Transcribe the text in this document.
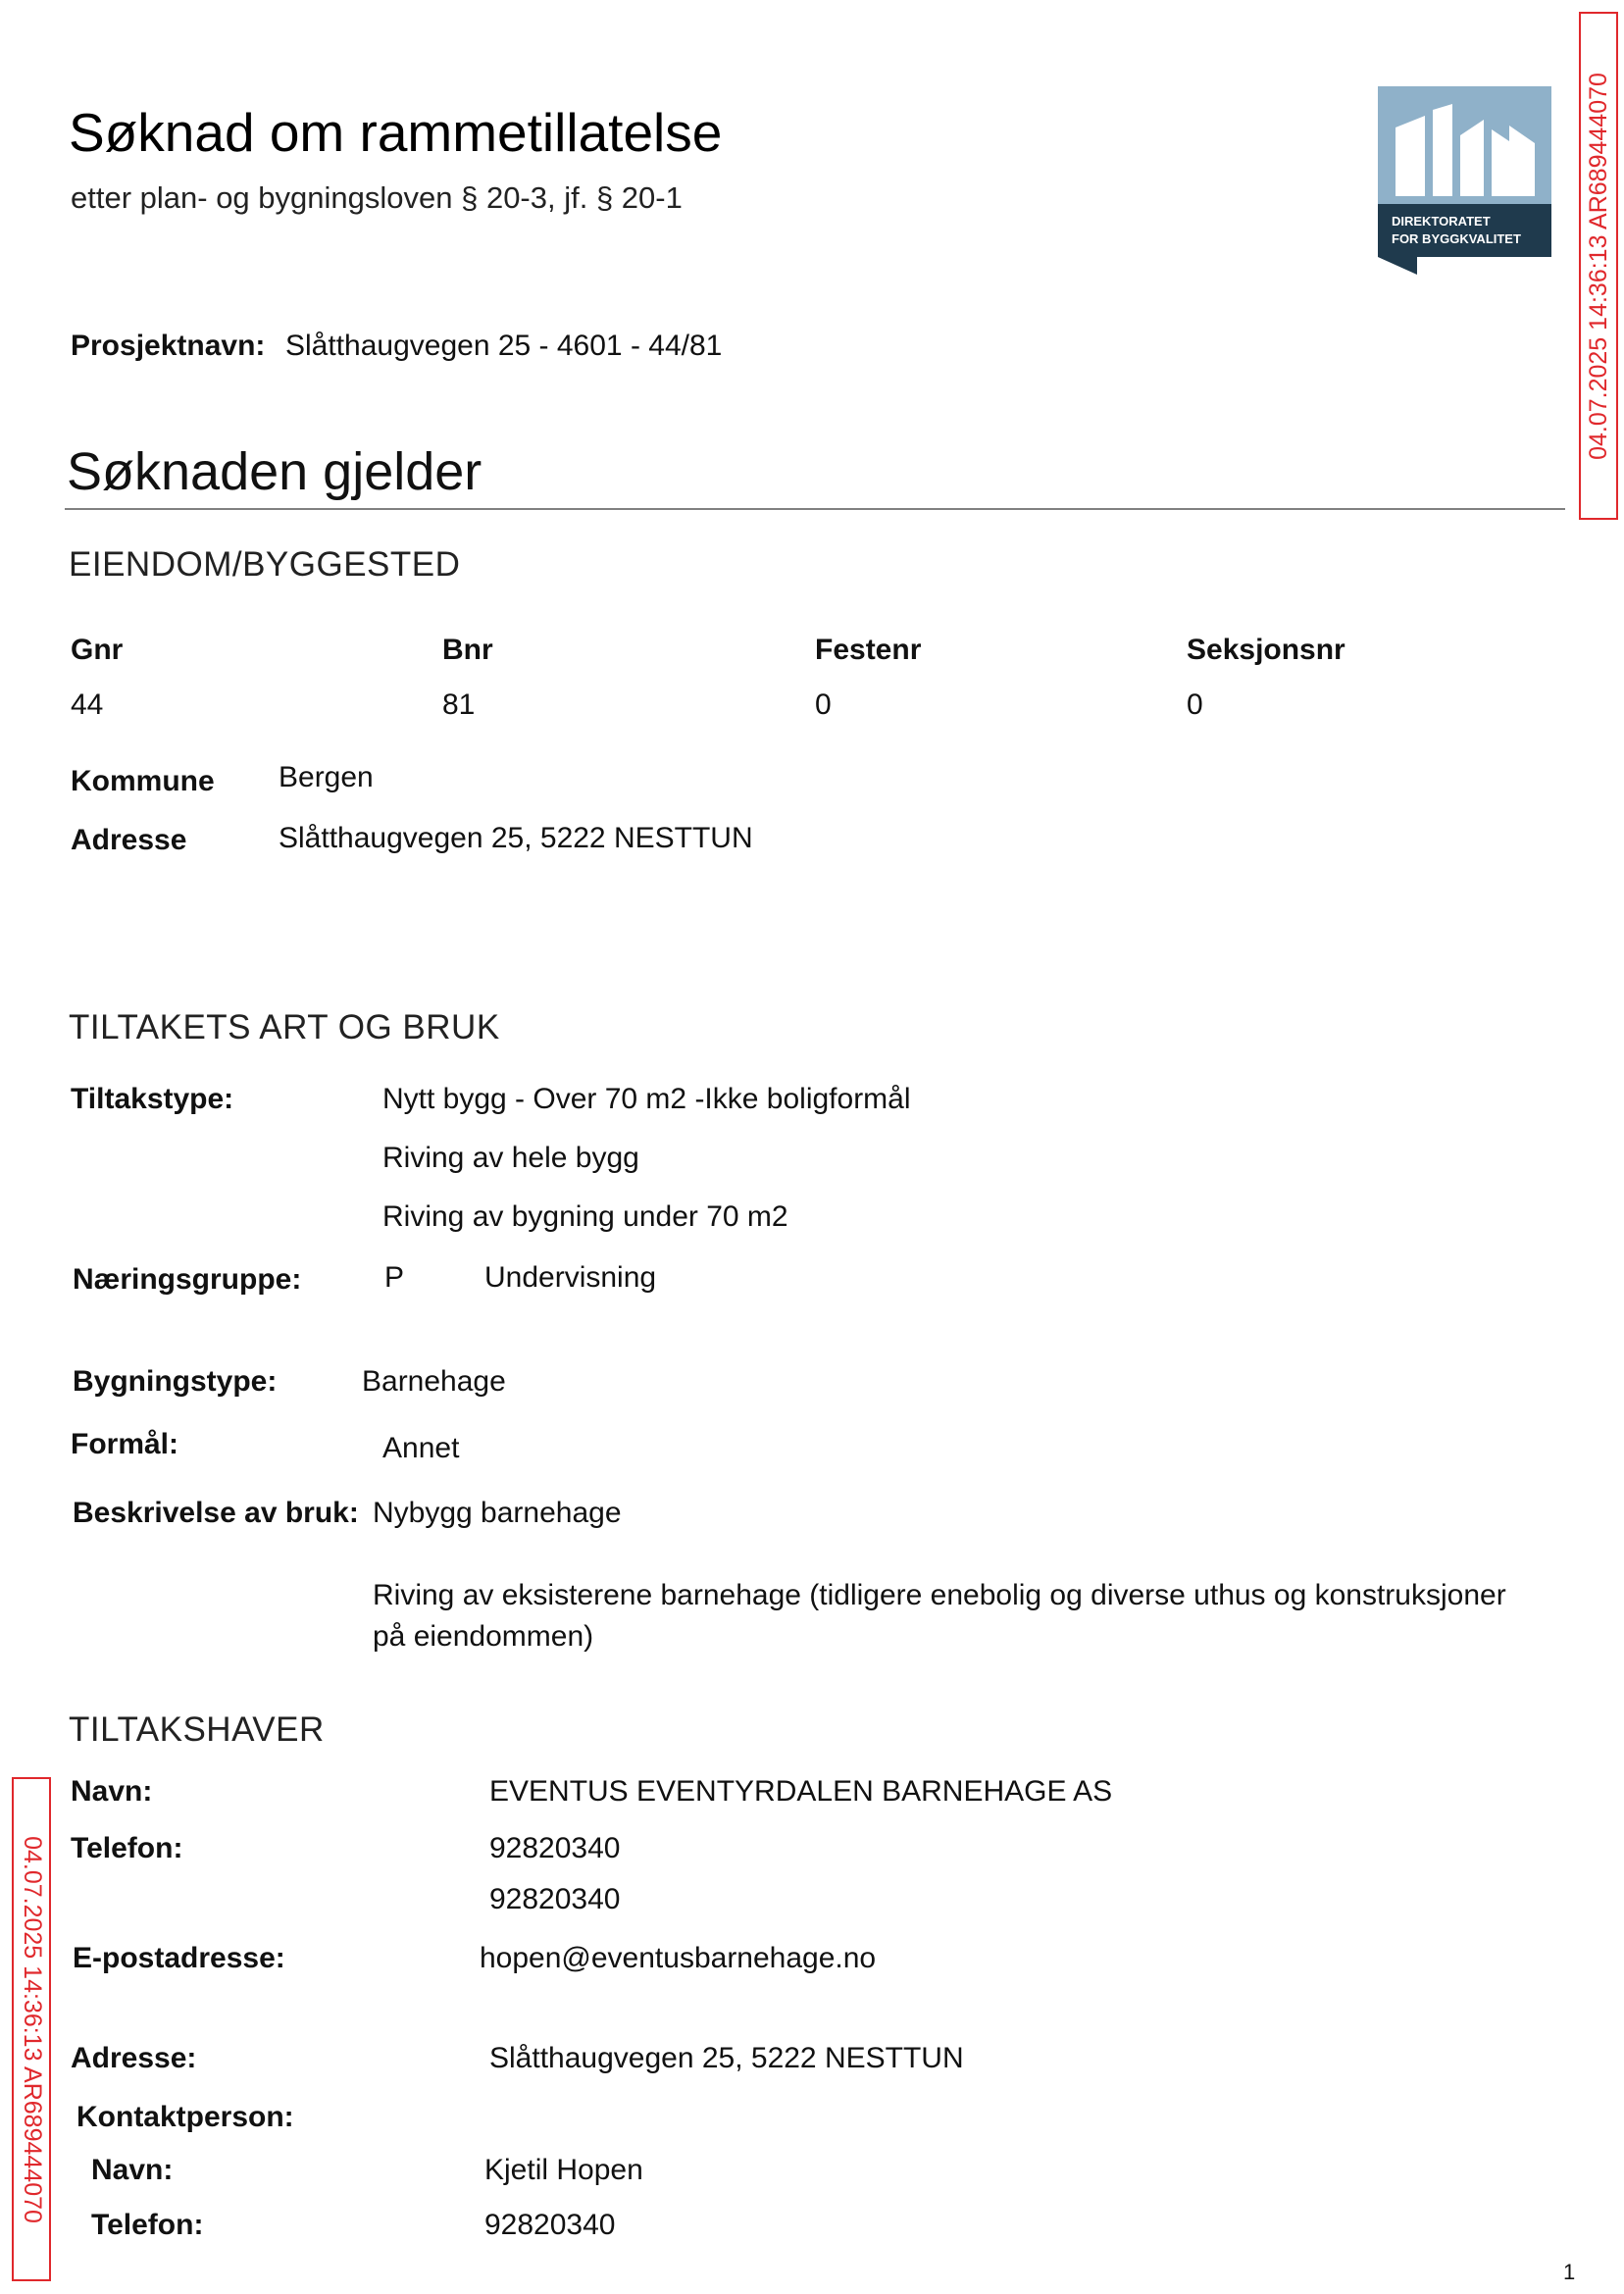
Søknad om rammetillatelse
etter plan- og bygningsloven § 20-3, jf. § 20-1
DIREKTORATET
FOR BYGGKVALITET	04.07.2025 14:36:13 AR689444070
04.07.2025 14:36:13 AR689444070
Prosjektnavn: Slåtthaugvegen 25 - 4601 - 44/81
Søknaden gjelder
EIENDOM/BYGGESTED
Gnr	Bnr	Festenr	Seksjonsnr
44	81	0	0
Kommune Bergen
Adresse	Slåtthaugvegen 25, 5222 NESTTUN
TILTAKETS ART OG BRUK
Tiltakstype:	Nytt bygg - Over 70 m2 -Ikke boligformål
Riving av hele bygg
Riving av bygning under 70 m2
Næringsgruppe:	P	Undervisning
Bygningstype:	Barnehage
Formål:	Annet
Beskrivelse av bruk: Nybygg barnehage
Riving av eksisterene barnehage (tidligere enebolig og diverse uthus og konstruksjoner
på eiendommen)
TILTAKSHAVER
Navn:	EVENTUS EVENTYRDALEN BARNEHAGE AS
Telefon:	92820340
92820340
E-postadresse:	hopen@eventusbarnehage.no
Adresse:	Slåtthaugvegen 25, 5222 NESTTUN
Kontaktperson:
Navn:	Kjetil Hopen
Telefon:	92820340
1
